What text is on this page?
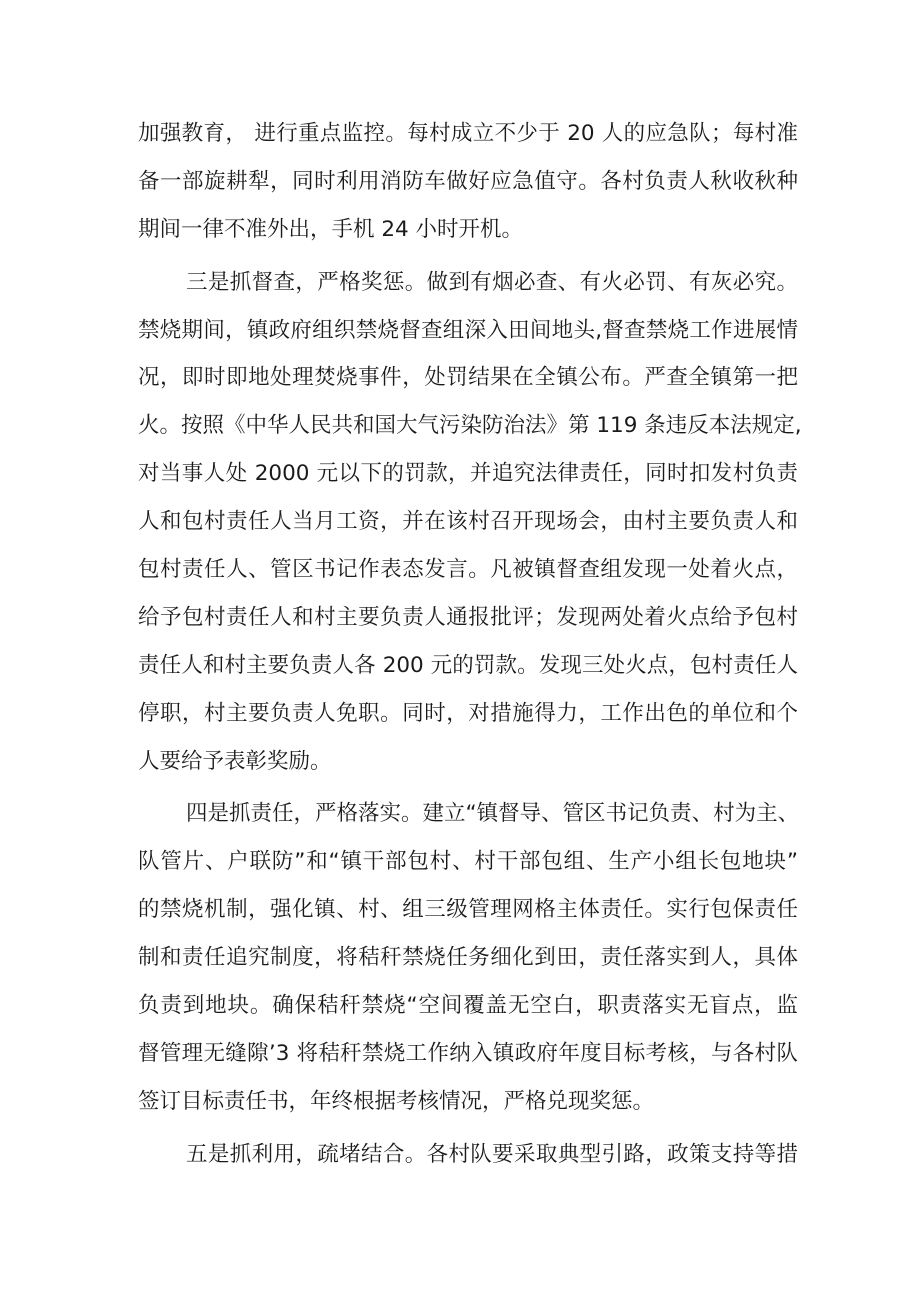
加强教育， 进行重点监控。每村成立不少于 20 人的应急队；每村准
备一部旋耕犁，同时利用消防车做好应急值守。各村负责人秋收秋种
期间一律不准外出，手机 24 小时开机。
三是抓督查，严格奖惩。做到有烟必查、有火必罚、有灰必究。
禁烧期间，镇政府组织禁烧督查组深入田间地头,督查禁烧工作进展情
况，即时即地处理焚烧事件，处罚结果在全镇公布。严查全镇第一把
火。按照《中华人民共和国大气污染防治法》第 119 条违反本法规定,
对当事人处 2000 元以下的罚款，并追究法律责任，同时扣发村负责
人和包村责任人当月工资，并在该村召开现场会，由村主要负责人和
包村责任人、管区书记作表态发言。凡被镇督查组发现一处着火点，
给予包村责任人和村主要负责人通报批评；发现两处着火点给予包村
责任人和村主要负责人各 200 元的罚款。发现三处火点，包村责任人
停职，村主要负责人免职。同时，对措施得力，工作出色的单位和个
人要给予表彰奖励。
四是抓责任，严格落实。建立“镇督导、管区书记负责、村为主、
队管片、户联防”和“镇干部包村、村干部包组、生产小组长包地块”
的禁烧机制，强化镇、村、组三级管理网格主体责任。实行包保责任
制和责任追究制度，将秸秆禁烧任务细化到田，责任落实到人，具体
负责到地块。确保秸秆禁烧“空间覆盖无空白，职责落实无盲点，监
督管理无缝隙’3 将秸秆禁烧工作纳入镇政府年度目标考核，与各村队
签订目标责任书，年终根据考核情况，严格兑现奖惩。
五是抓利用，疏堵结合。各村队要采取典型引路，政策支持等措
